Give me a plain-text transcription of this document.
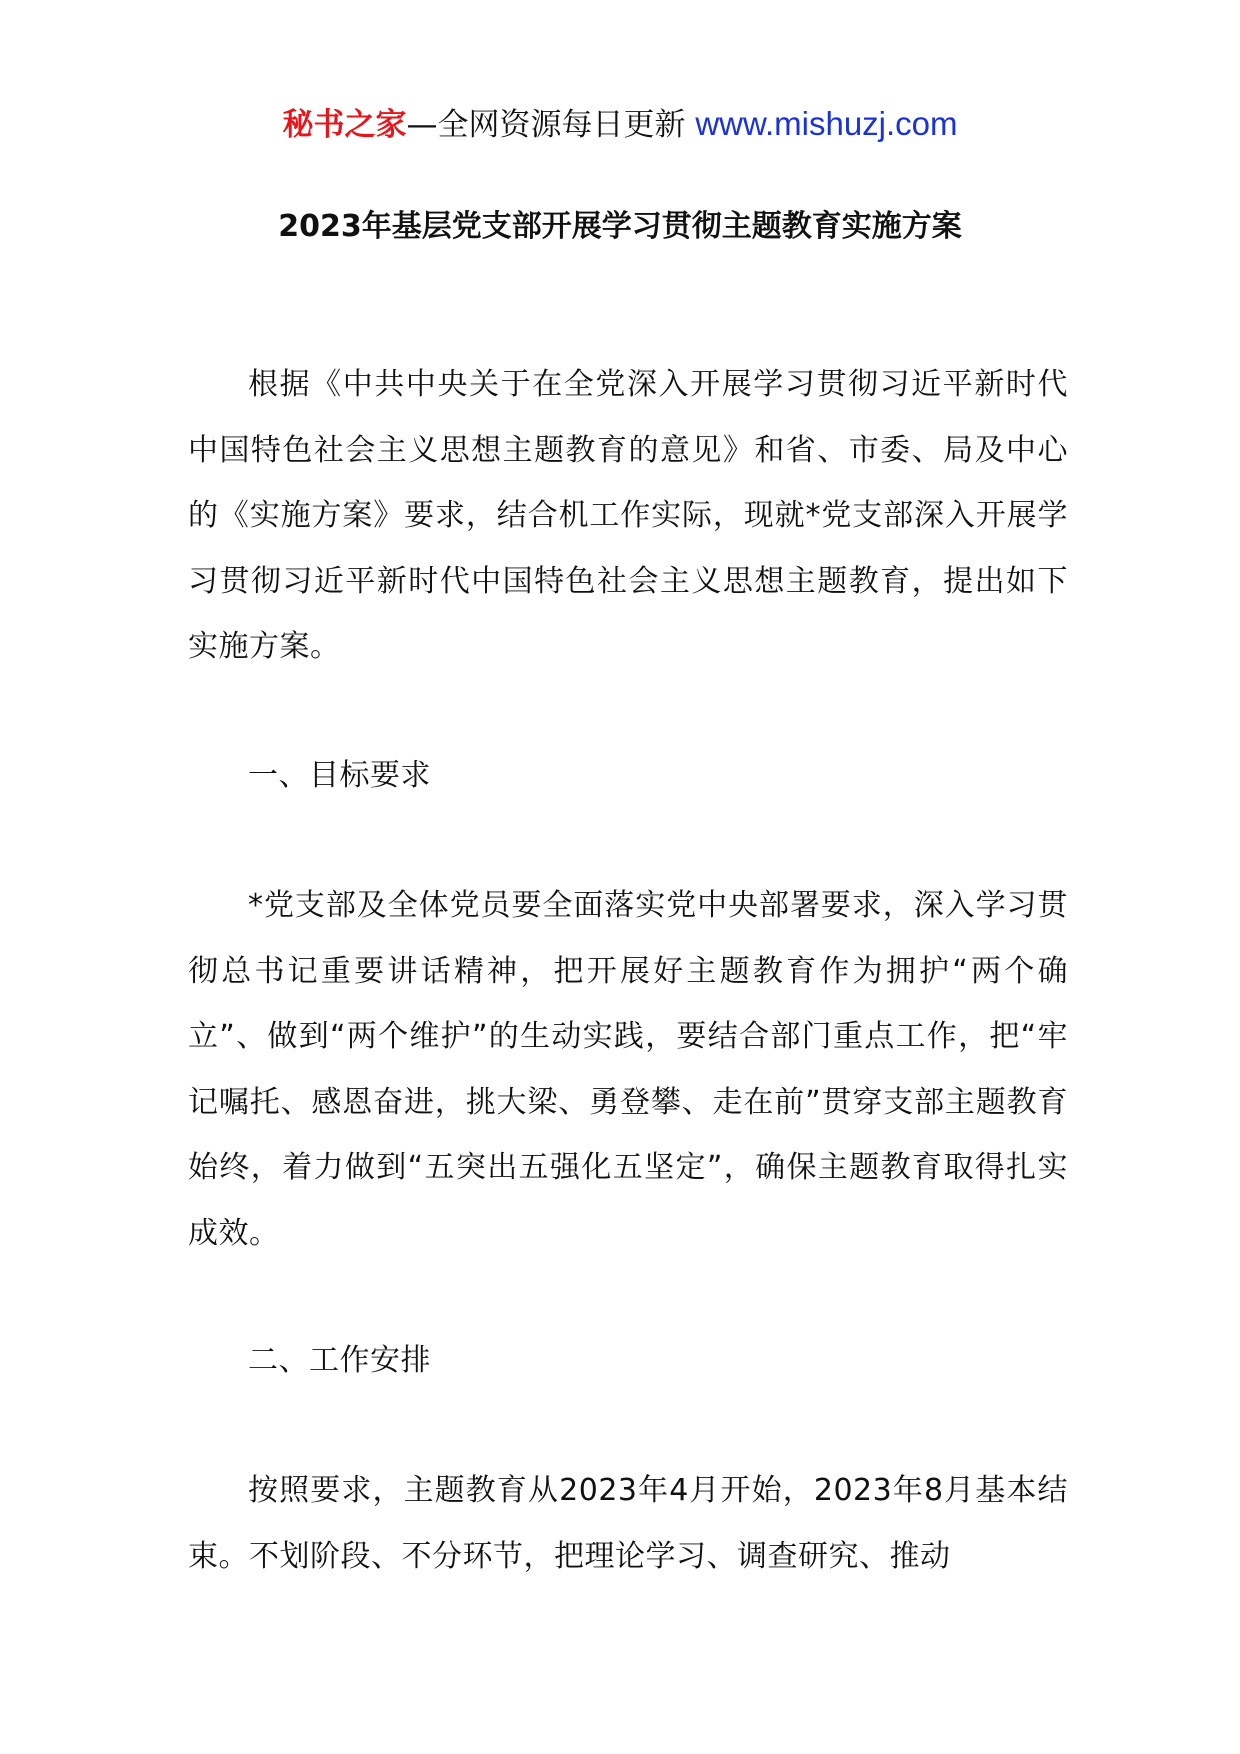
秘书之家—全网资源每日更新 www.mishuzj.com
2023年基层党支部开展学习贯彻主题教育实施方案

根据《中共中央关于在全党深入开展学习贯彻习近平新时代中国特色社会主义思想主题教育的意见》和省、市委、局及中心的《实施方案》要求，结合机工作实际，现就*党支部深入开展学习贯彻习近平新时代中国特色社会主义思想主题教育，提出如下实施方案。

一、目标要求

*党支部及全体党员要全面落实党中央部署要求，深入学习贯彻总书记重要讲话精神，把开展好主题教育作为拥护“两个确立”、做到“两个维护”的生动实践，要结合部门重点工作，把“牢记嘱托、感恩奋进，挑大梁、勇登攀、走在前”贯穿支部主题教育始终，着力做到“五突出五强化五坚定”，确保主题教育取得扎实成效。

二、工作安排

按照要求，主题教育从2023年4月开始，2023年8月基本结束。不划阶段、不分环节，把理论学习、调查研究、推动
